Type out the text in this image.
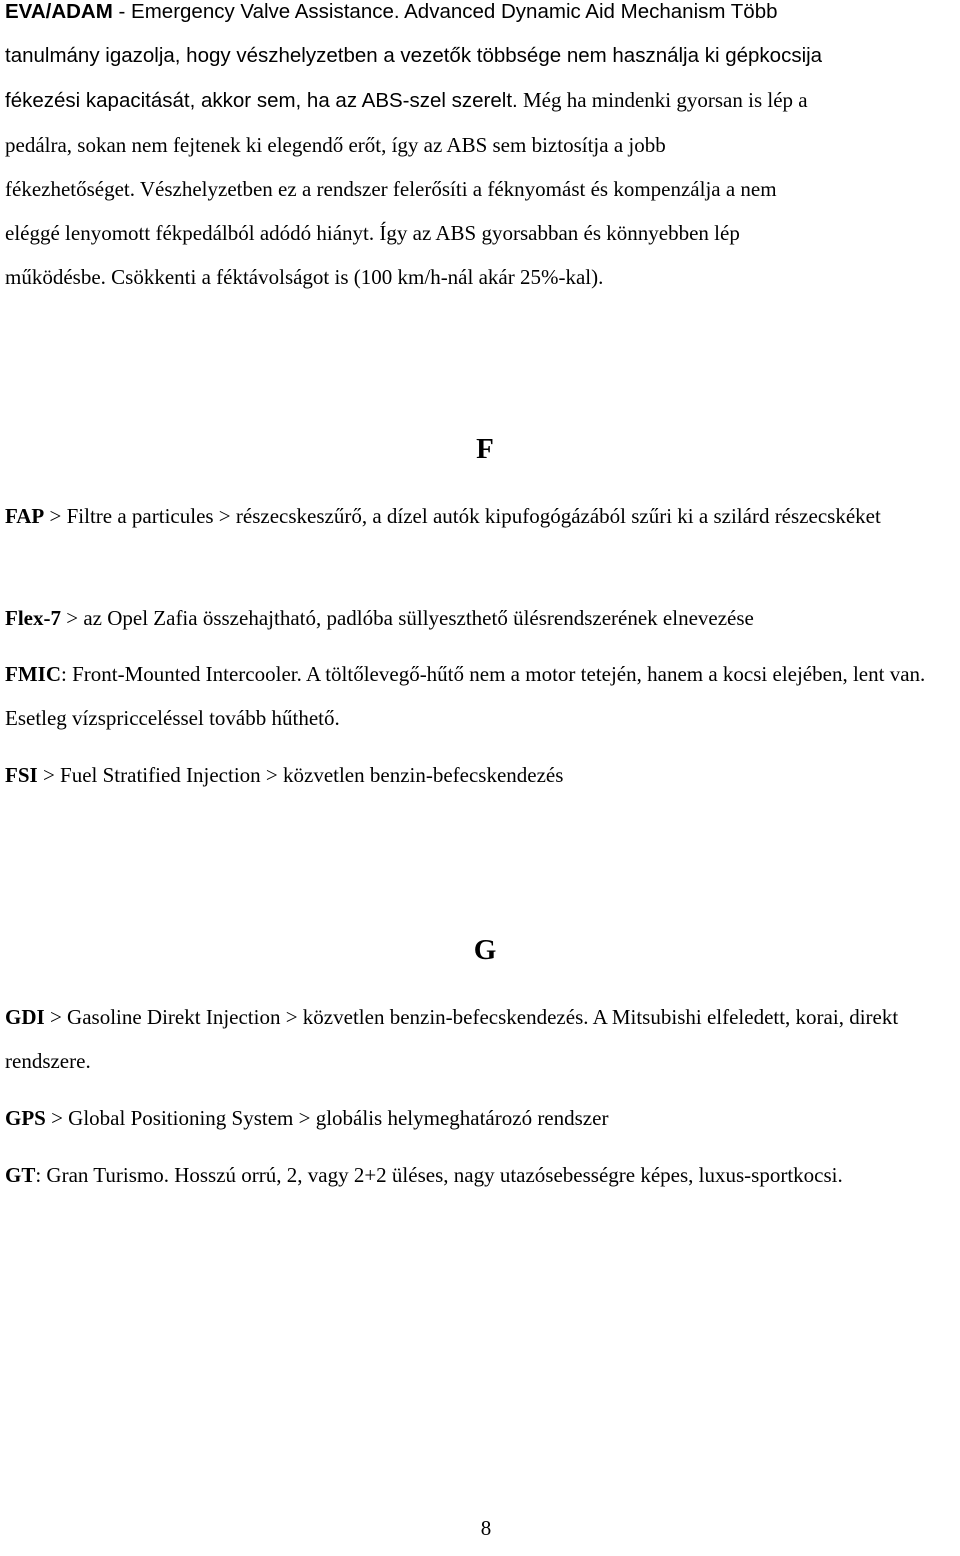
EVA/ADAM - Emergency Valve Assistance. Advanced Dynamic Aid Mechanism Több
tanulmány igazolja, hogy vészhelyzetben a vezetők többsége nem használja ki gépkocsija
fékezési kapacitását, akkor sem, ha az ABS-szel szerelt. Még ha mindenki gyorsan is lép a
pedálra, sokan nem fejtenek ki elegendő erőt, így az ABS sem biztosítja a jobb
fékezhetőséget. Vészhelyzetben ez a rendszer felerősíti a féknyomást és kompenzálja a nem
eléggé lenyomott fékpedálból adódó hiányt. Így az ABS gyorsabban és könnyebben lép
működésbe. Csökkenti a féktávolságot is (100 km/h-nál akár 25%-kal).
F
FAP > Filtre a particules > részecskeszűrő, a dízel autók kipufogógázából szűri ki a szilárd részecskéket
Flex-7 > az Opel Zafia összehajtható, padlóba süllyeszthető ülésrendszerének elnevezése
FMIC: Front-Mounted Intercooler. A töltőlevegő-hűtő nem a motor tetején, hanem a kocsi elejében, lent van. Esetleg vízspricceléssel tovább hűthető.
FSI > Fuel Stratified Injection > közvetlen benzin-befecskendezés
G
GDI > Gasoline Direkt Injection > közvetlen benzin-befecskendezés. A Mitsubishi elfeledett, korai, direkt rendszere.
GPS > Global Positioning System > globális helymeghatározó rendszer
GT: Gran Turismo. Hosszú orrú, 2, vagy 2+2 üléses, nagy utazósebességre képes, luxus-sportkocsi.
8
